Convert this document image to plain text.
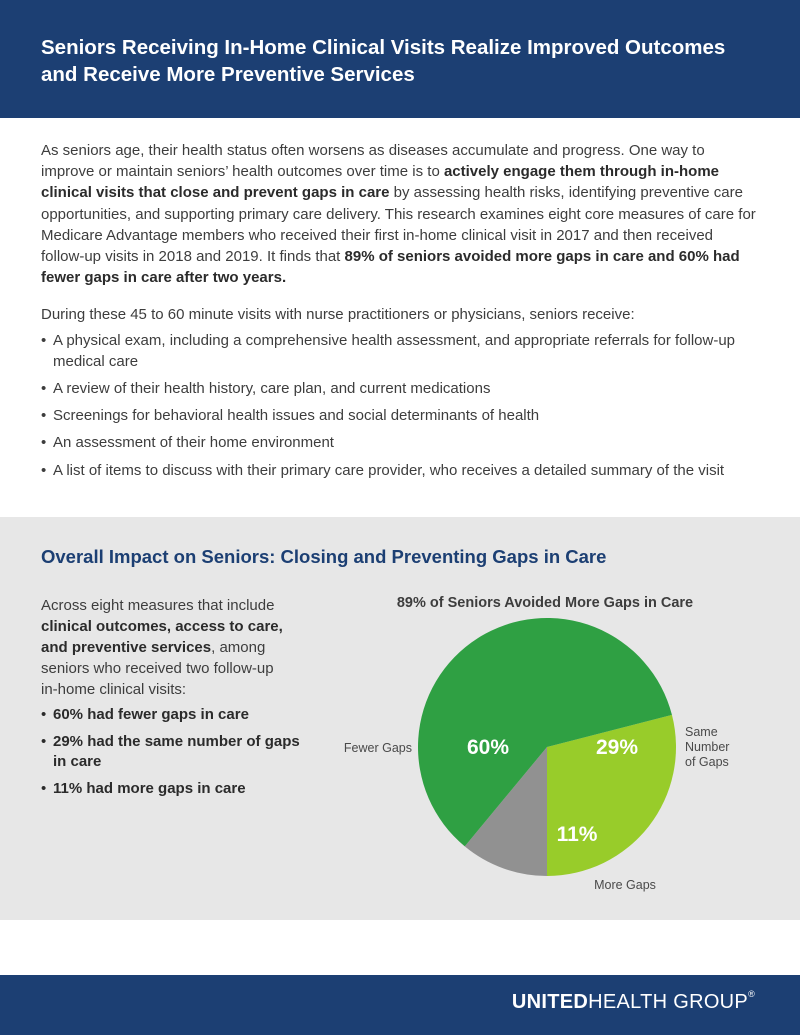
Seniors Receiving In-Home Clinical Visits Realize Improved Outcomes and Receive More Preventive Services

As seniors age, their health status often worsens as diseases accumulate and progress. One way to improve or maintain seniors’ health outcomes over time is to actively engage them through in-home clinical visits that close and prevent gaps in care by assessing health risks, identifying preventive care opportunities, and supporting primary care delivery. This research examines eight core measures of care for Medicare Advantage members who received their first in-home clinical visit in 2017 and then received follow-up visits in 2018 and 2019. It finds that 89% of seniors avoided more gaps in care and 60% had fewer gaps in care after two years.

During these 45 to 60 minute visits with nurse practitioners or physicians, seniors receive:

• A physical exam, including a comprehensive health assessment, and appropriate referrals for follow-up medical care
• A review of their health history, care plan, and current medications
• Screenings for behavioral health issues and social determinants of health
• An assessment of their home environment
• A list of items to discuss with their primary care provider, who receives a detailed summary of the visit
Overall Impact on Seniors: Closing and Preventing Gaps in Care

Across eight measures that include clinical outcomes, access to care, and preventive services, among seniors who received two follow-up in-home clinical visits:

• 60% had fewer gaps in care
• 29% had the same number of gaps in care
• 11% had more gaps in care
89% of Seniors Avoided More Gaps in Care
60%	29%
11%
Fewer Gaps
Same Number of Gaps
More Gaps
UNITEDHEALTH GROUP®
